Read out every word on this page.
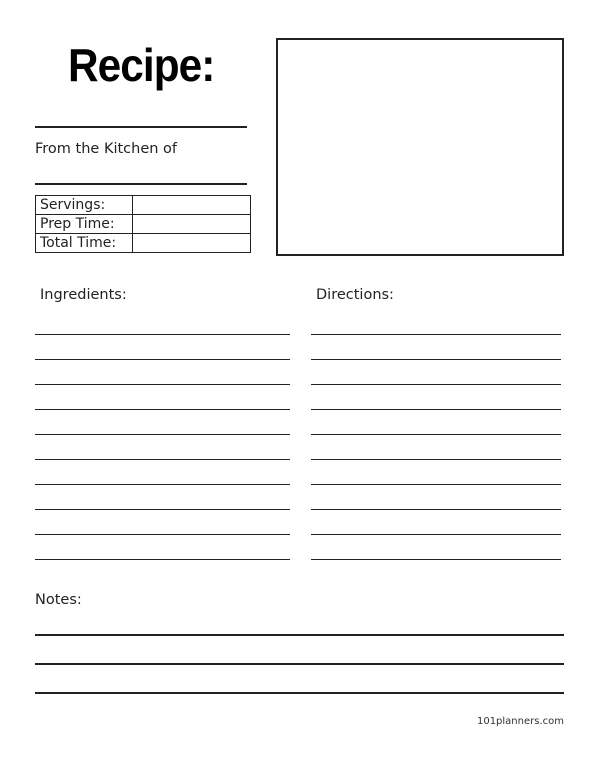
Recipe:
From the Kitchen of
Servings:	
Prep Time:	
Total Time:	
Ingredients:	Directions:
Notes:
101planners.com
